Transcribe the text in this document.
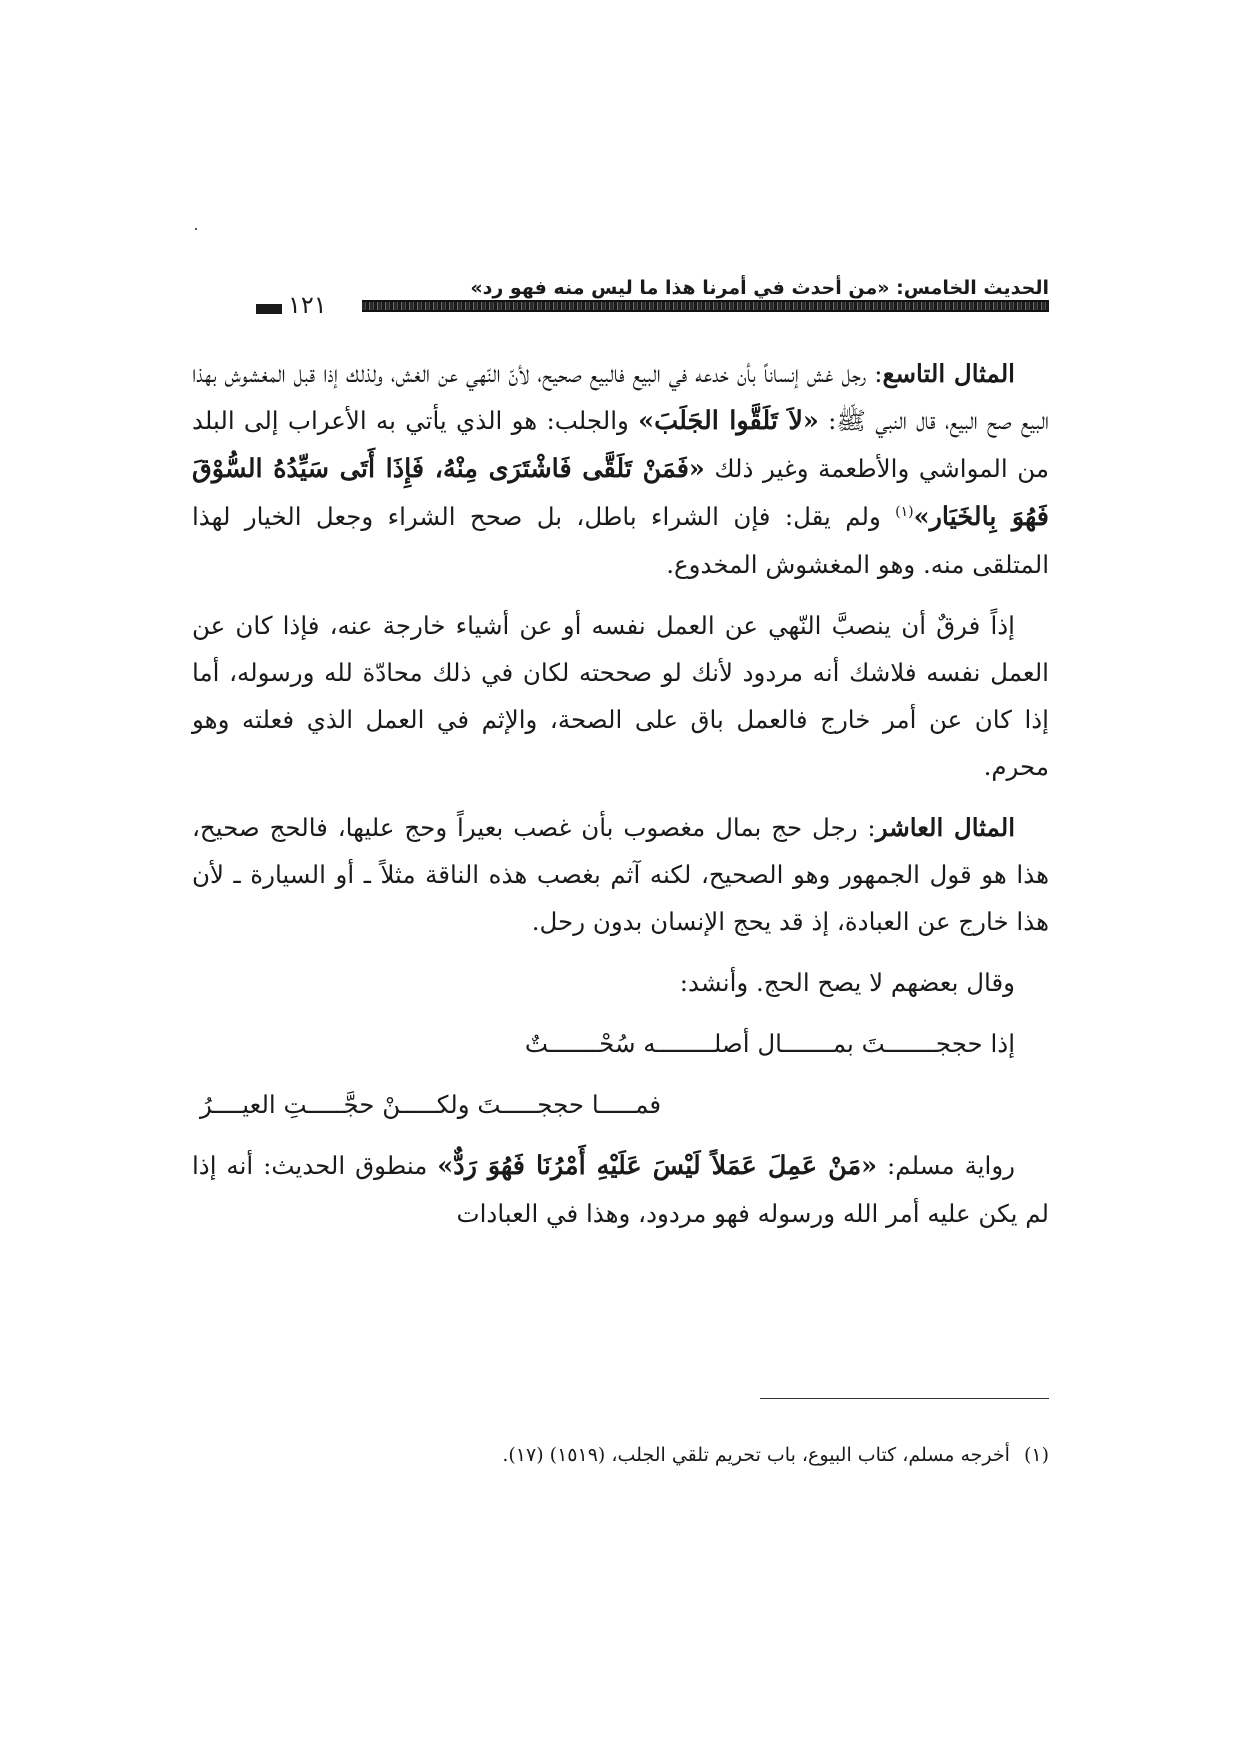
الحديث الخامس: «من أحدث في أمرنا هذا ما ليس منه فهو رد»
١٢١

المثال التاسع: رجل غش إنساناً بأن خدعه في البيع فالبيع صحيح، لأنّ النّهي عن الغش، ولذلك إذا قبل المغشوش بهذا البيع صح البيع، قال النبي ﷺ: «لاَ تَلَقَّوا الجَلَبَ» والجلب: هو الذي يأتي به الأعراب إلى البلد من المواشي والأطعمة وغير ذلك «فَمَنْ تَلَقَّى فَاشْتَرَى مِنْهُ، فَإِذَا أَتَى سَيِّدُهُ السُّوْقَ فَهُوَ بِالخَيَار»$^{(١)}$ ولم يقل: فإن الشراء باطل، بل صحح الشراء وجعل الخيار لهذا المتلقى منه. وهو المغشوش المخدوع.

إذاً فرقٌ أن ينصبَّ النّهي عن العمل نفسه أو عن أشياء خارجة عنه، فإذا كان عن العمل نفسه فلاشك أنه مردود لأنك لو صححته لكان في ذلك محادّة لله ورسوله، أما إذا كان عن أمر خارج فالعمل باق على الصحة، والإثم في العمل الذي فعلته وهو محرم.

المثال العاشر: رجل حج بمال مغصوب بأن غصب بعيراً وحج عليها، فالحج صحيح، هذا هو قول الجمهور وهو الصحيح، لكنه آثم بغصب هذه الناقة مثلاً ـ أو السيارة ـ لأن هذا خارج عن العبادة، إذ قد يحج الإنسان بدون رحل.

وقال بعضهم لا يصح الحج. وأنشد:

إذا حججـــــــتَ بمـــــــال أصلــــــــه سُحْـــــــتٌ

فمـــــا حججـــــتَ ولكـــــنْ حجَّـــــتِ العيــــرُ

رواية مسلم: «مَنْ عَمِلَ عَمَلاً لَيْسَ عَلَيْهِ أَمْرُنَا فَهُوَ رَدٌّ» منطوق الحديث: أنه إذا لم يكن عليه أمر الله ورسوله فهو مردود، وهذا في العبادات

(١)أخرجه مسلم، كتاب البيوع، باب تحريم تلقي الجلب، (١٥١٩) (١٧).
